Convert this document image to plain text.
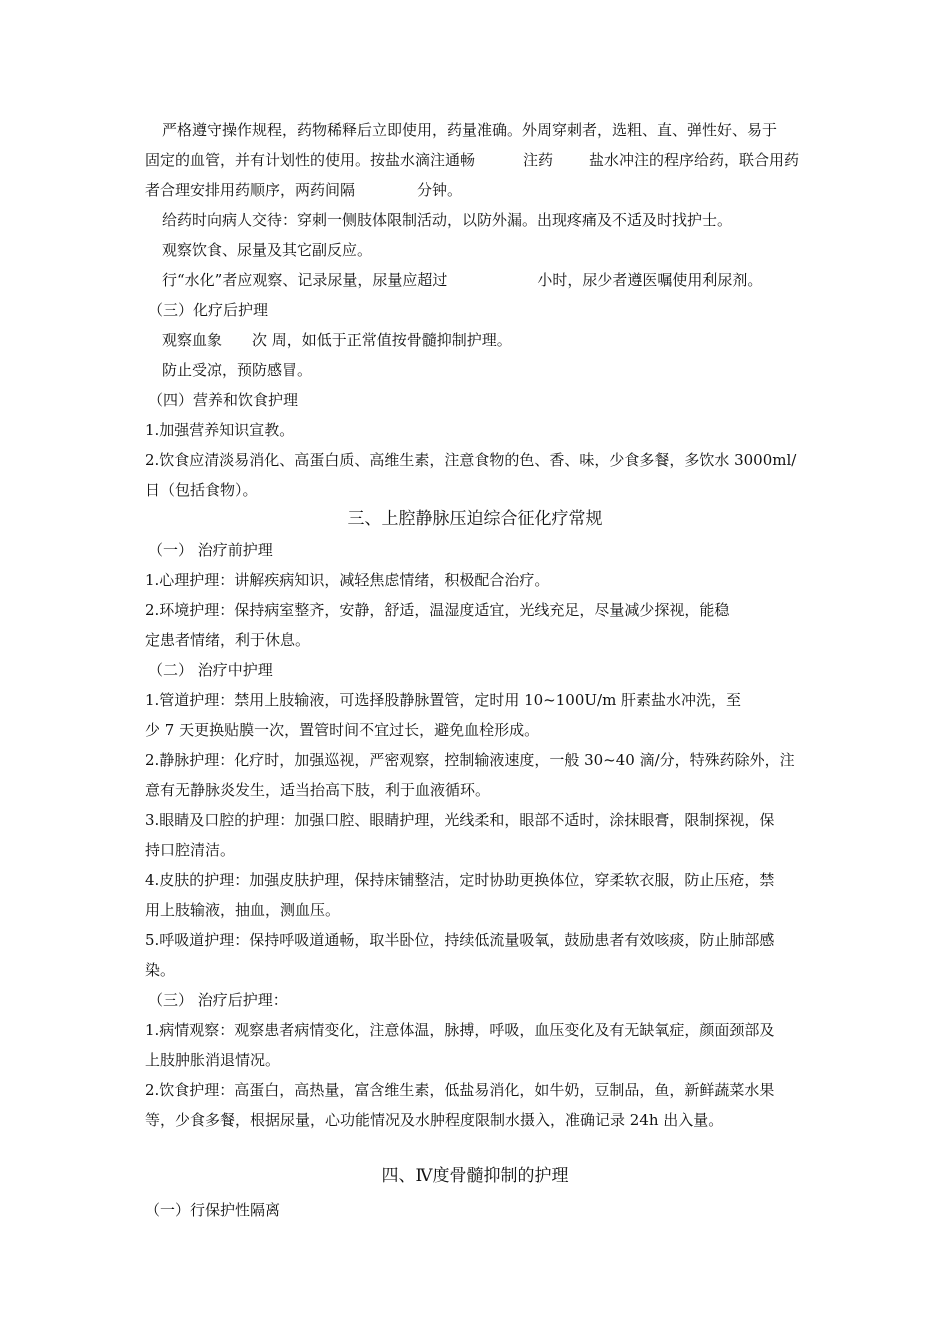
严格遵守操作规程，药物稀释后立即使用，药量准确。外周穿刺者，选粗、直、弹性好、易于
固定的血管，并有计划性的使用。按盐水滴注通畅	注药 盐水冲注的程序给药，联合用药
者合理安排用药顺序，两药间隔	分钟。
给药时向病人交待：穿刺一侧肢体限制活动，以防外漏。出现疼痛及不适及时找护士。
观察饮食、尿量及其它副反应。
行“水化”者应观察、记录尿量，尿量应超过	小时，尿少者遵医嘱使用利尿剂。
（三）化疗后护理
观察血象 次 周，如低于正常值按骨髓抑制护理。
防止受凉，预防感冒。
（四）营养和饮食护理
1.加强营养知识宣教。
2.饮食应清淡易消化、高蛋白质、高维生素，注意食物的色、香、味，少食多餐，多饮水 3000ml/
日（包括食物）。
三、上腔静脉压迫综合征化疗常规
（一） 治疗前护理
1.心理护理：讲解疾病知识，减轻焦虑情绪，积极配合治疗。
2.环境护理：保持病室整齐，安静，舒适，温湿度适宜，光线充足，尽量减少探视，能稳
定患者情绪，利于休息。
（二） 治疗中护理
1.管道护理：禁用上肢输液，可选择股静脉置管，定时用 10~100U/m 肝素盐水冲洗，至
少 7 天更换贴膜一次，置管时间不宜过长，避免血栓形成。
2.静脉护理：化疗时，加强巡视，严密观察，控制输液速度，一般 30~40 滴/分，特殊药除外，注
意有无静脉炎发生，适当抬高下肢，利于血液循环。
3.眼睛及口腔的护理：加强口腔、眼睛护理，光线柔和，眼部不适时，涂抹眼膏，限制探视，保
持口腔清洁。
4.皮肤的护理：加强皮肤护理，保持床铺整洁，定时协助更换体位，穿柔软衣服，防止压疮，禁
用上肢输液，抽血，测血压。
5.呼吸道护理：保持呼吸道通畅，取半卧位，持续低流量吸氧，鼓励患者有效咳痰，防止肺部感
染。
（三） 治疗后护理：
1.病情观察：观察患者病情变化，注意体温，脉搏，呼吸，血压变化及有无缺氧症，颜面颈部及
上肢肿胀消退情况。
2.饮食护理：高蛋白，高热量，富含维生素，低盐易消化，如牛奶，豆制品，鱼，新鲜蔬菜水果
等，少食多餐，根据尿量，心功能情况及水肿程度限制水摄入，准确记录 24h 出入量。
四、Ⅳ度骨髓抑制的护理
（一）行保护性隔离
